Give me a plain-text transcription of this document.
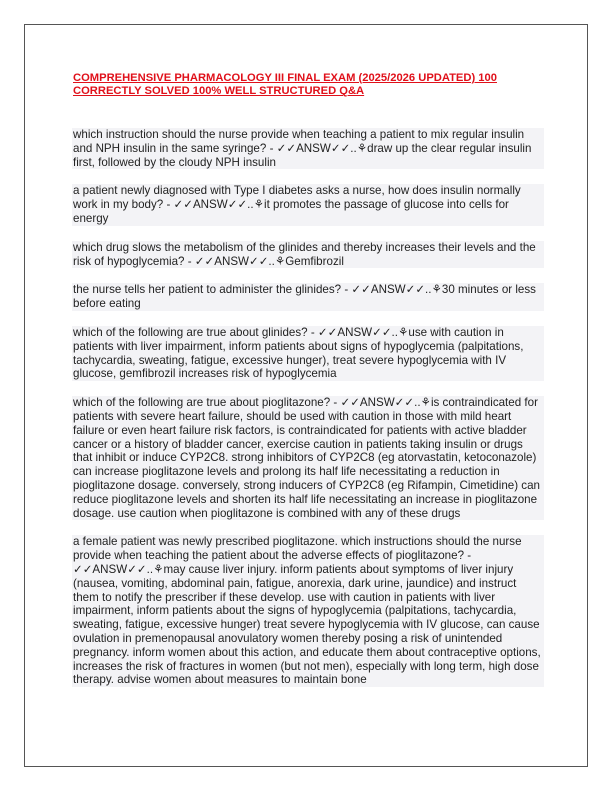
COMPREHENSIVE PHARMACOLOGY III FINAL EXAM (2025/2026 UPDATED) 100 CORRECTLY SOLVED 100% WELL STRUCTURED Q&A

which instruction should the nurse provide when teaching a patient to mix regular insulin and NPH insulin in the same syringe? - ✓✓ANSW✓✓..⚘draw up the clear regular insulin first, followed by the cloudy NPH insulin

a patient newly diagnosed with Type I diabetes asks a nurse, how does insulin normally work in my body? - ✓✓ANSW✓✓..⚘it promotes the passage of glucose into cells for energy

which drug slows the metabolism of the glinides and thereby increases their levels and the risk of hypoglycemia? - ✓✓ANSW✓✓..⚘Gemfibrozil

the nurse tells her patient to administer the glinides? - ✓✓ANSW✓✓..⚘30 minutes or less before eating

which of the following are true about glinides? - ✓✓ANSW✓✓..⚘use with caution in patients with liver impairment, inform patients about signs of hypoglycemia (palpitations, tachycardia, sweating, fatigue, excessive hunger), treat severe hypoglycemia with IV glucose, gemfibrozil increases risk of hypoglycemia

which of the following are true about pioglitazone? - ✓✓ANSW✓✓..⚘is contraindicated for patients with severe heart failure, should be used with caution in those with mild heart failure or even heart failure risk factors, is contraindicated for patients with active bladder cancer or a history of bladder cancer, exercise caution in patients taking insulin or drugs that inhibit or induce CYP2C8. strong inhibitors of CYP2C8 (eg atorvastatin, ketoconazole) can increase pioglitazone levels and prolong its half life necessitating a reduction in pioglitazone dosage. conversely, strong inducers of CYP2C8 (eg Rifampin, Cimetidine) can reduce pioglitazone levels and shorten its half life necessitating an increase in pioglitazone dosage. use caution when pioglitazone is combined with any of these drugs

a female patient was newly prescribed pioglitazone. which instructions should the nurse provide when teaching the patient about the adverse effects of pioglitazone? - ✓✓ANSW✓✓..⚘may cause liver injury. inform patients about symptoms of liver injury (nausea, vomiting, abdominal pain, fatigue, anorexia, dark urine, jaundice) and instruct them to notify the prescriber if these develop. use with caution in patients with liver impairment, inform patients about the signs of hypoglycemia (palpitations, tachycardia, sweating, fatigue, excessive hunger) treat severe hypoglycemia with IV glucose, can cause ovulation in premenopausal anovulatory women thereby posing a risk of unintended pregnancy. inform women about this action, and educate them about contraceptive options, increases the risk of fractures in women (but not men), especially with long term, high dose therapy. advise women about measures to maintain bone
